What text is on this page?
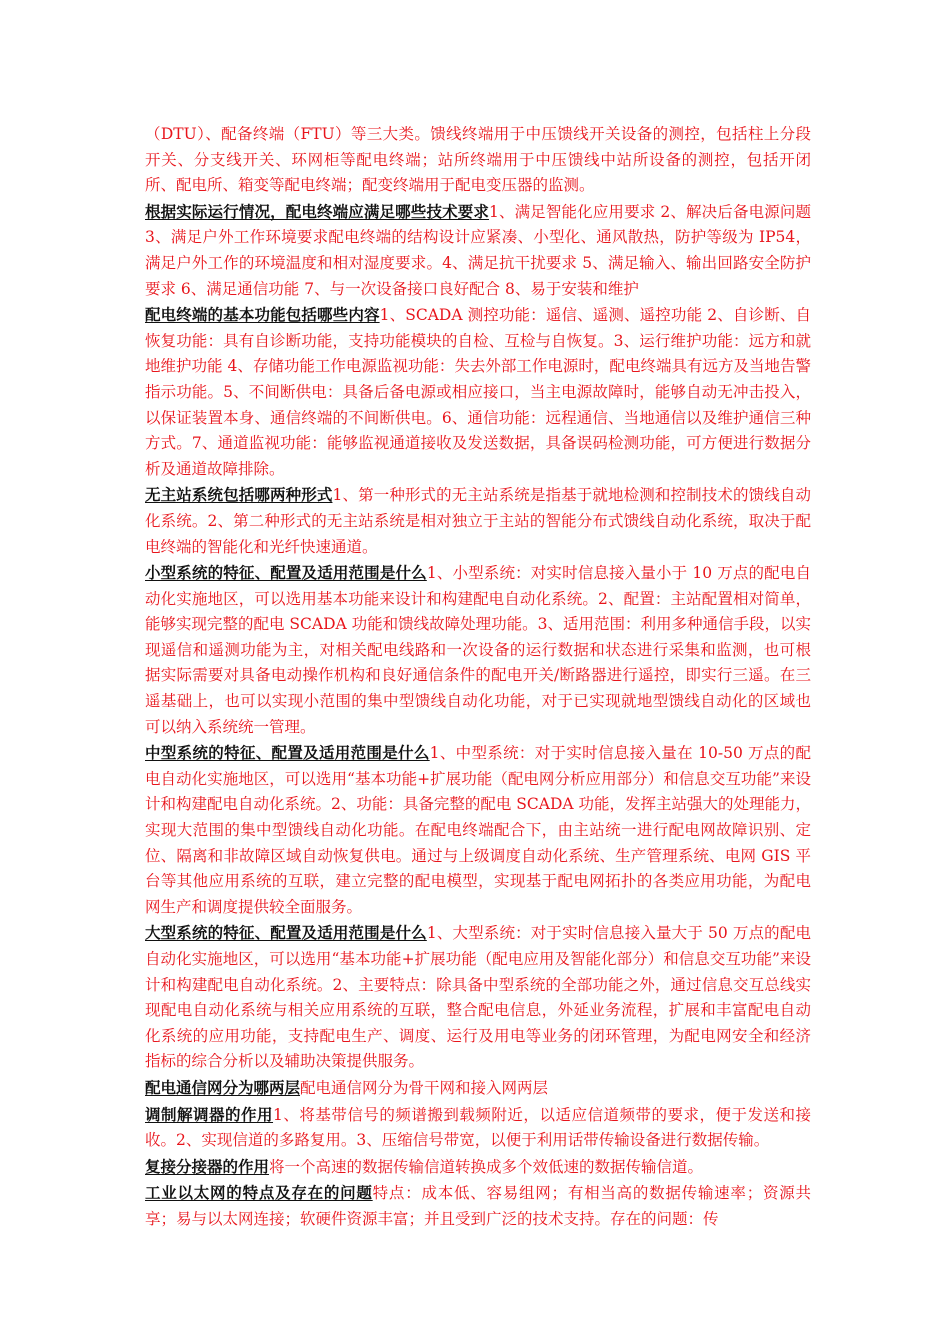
（DTU）、配备终端（FTU）等三大类。馈线终端用于中压馈线开关设备的测控，包括柱上分段开关、分支线开关、环网柜等配电终端；站所终端用于中压馈线中站所设备的测控，包括开闭所、配电所、箱变等配电终端；配变终端用于配电变压器的监测。

根据实际运行情况，配电终端应满足哪些技术要求1、满足智能化应用要求 2、解决后备电源问题 3、满足户外工作环境要求配电终端的结构设计应紧凑、小型化、通风散热，防护等级为 IP54，满足户外工作的环境温度和相对湿度要求。4、满足抗干扰要求 5、满足输入、输出回路安全防护要求 6、满足通信功能 7、与一次设备接口良好配合 8、易于安装和维护

配电终端的基本功能包括哪些内容1、SCADA 测控功能：遥信、遥测、遥控功能 2、自诊断、自恢复功能：具有自诊断功能，支持功能模块的自检、互检与自恢复。3、运行维护功能：远方和就地维护功能 4、存储功能工作电源监视功能：失去外部工作电源时，配电终端具有远方及当地告警指示功能。5、不间断供电：具备后备电源或相应接口，当主电源故障时，能够自动无冲击投入，以保证装置本身、通信终端的不间断供电。6、通信功能：远程通信、当地通信以及维护通信三种方式。7、通道监视功能：能够监视通道接收及发送数据，具备误码检测功能，可方便进行数据分析及通道故障排除。

无主站系统包括哪两种形式1、第一种形式的无主站系统是指基于就地检测和控制技术的馈线自动化系统。2、第二种形式的无主站系统是相对独立于主站的智能分布式馈线自动化系统，取决于配电终端的智能化和光纤快速通道。

小型系统的特征、配置及适用范围是什么1、小型系统：对实时信息接入量小于 10 万点的配电自动化实施地区，可以选用基本功能来设计和构建配电自动化系统。2、配置：主站配置相对简单，能够实现完整的配电 SCADA 功能和馈线故障处理功能。3、适用范围：利用多种通信手段，以实现遥信和遥测功能为主，对相关配电线路和一次设备的运行数据和状态进行采集和监测，也可根据实际需要对具备电动操作机构和良好通信条件的配电开关/断路器进行遥控，即实行三遥。在三遥基础上，也可以实现小范围的集中型馈线自动化功能，对于已实现就地型馈线自动化的区域也可以纳入系统统一管理。

中型系统的特征、配置及适用范围是什么1、中型系统：对于实时信息接入量在 10-50 万点的配电自动化实施地区，可以选用“基本功能+扩展功能（配电网分析应用部分）和信息交互功能”来设计和构建配电自动化系统。2、功能：具备完整的配电 SCADA 功能，发挥主站强大的处理能力，实现大范围的集中型馈线自动化功能。在配电终端配合下，由主站统一进行配电网故障识别、定位、隔离和非故障区域自动恢复供电。通过与上级调度自动化系统、生产管理系统、电网 GIS 平台等其他应用系统的互联，建立完整的配电模型，实现基于配电网拓扑的各类应用功能，为配电网生产和调度提供较全面服务。

大型系统的特征、配置及适用范围是什么1、大型系统：对于实时信息接入量大于 50 万点的配电自动化实施地区，可以选用“基本功能+扩展功能（配电应用及智能化部分）和信息交互功能”来设计和构建配电自动化系统。2、主要特点：除具备中型系统的全部功能之外，通过信息交互总线实现配电自动化系统与相关应用系统的互联，整合配电信息，外延业务流程，扩展和丰富配电自动化系统的应用功能，支持配电生产、调度、运行及用电等业务的闭环管理，为配电网安全和经济指标的综合分析以及辅助决策提供服务。

配电通信网分为哪两层配电通信网分为骨干网和接入网两层

调制解调器的作用1、将基带信号的频谱搬到载频附近，以适应信道频带的要求，便于发送和接收。2、实现信道的多路复用。3、压缩信号带宽，以便于利用话带传输设备进行数据传输。

复接分接器的作用将一个高速的数据传输信道转换成多个效低速的数据传输信道。

工业以太网的特点及存在的问题特点：成本低、容易组网；有相当高的数据传输速率；资源共享；易与以太网连接；软硬件资源丰富；并且受到广泛的技术支持。存在的问题：传
